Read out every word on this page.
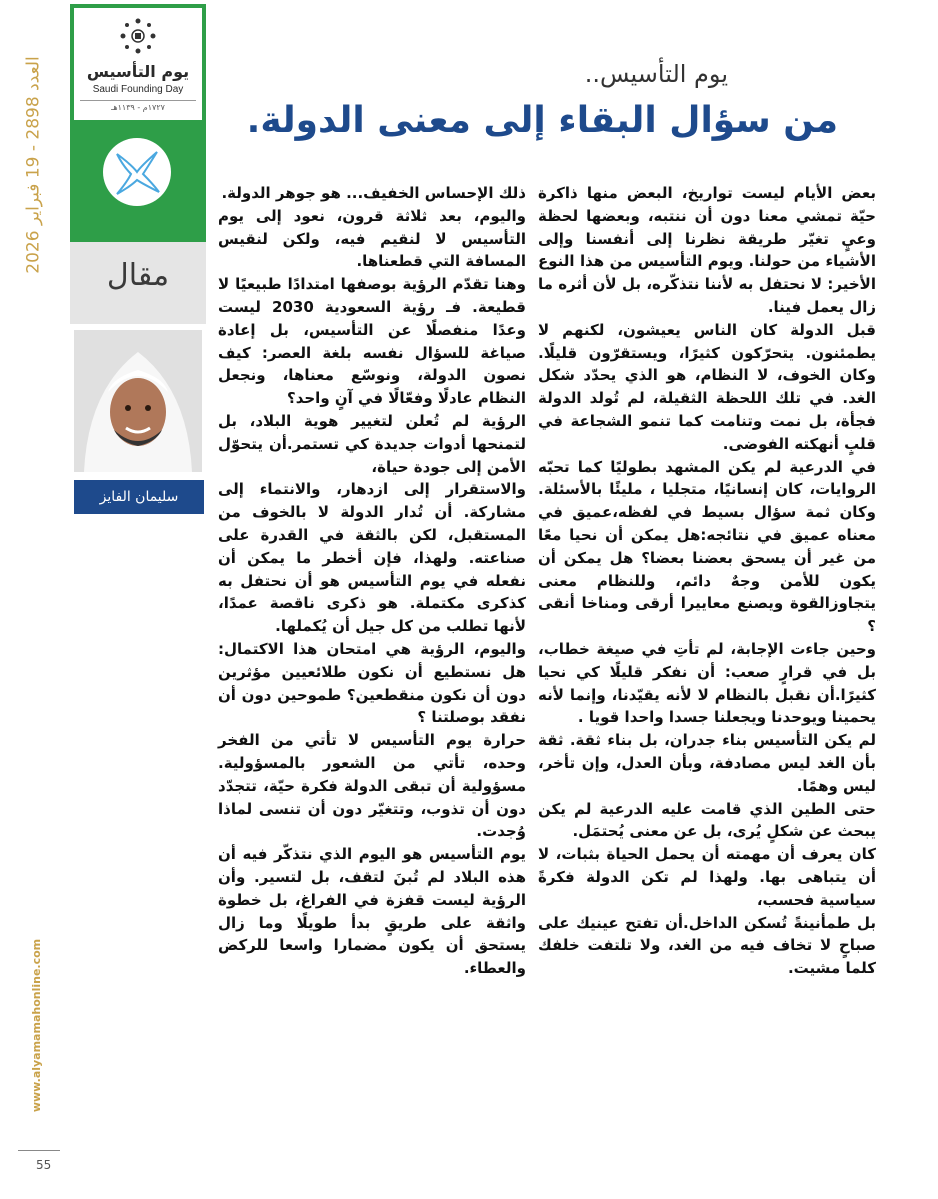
العدد 2898 - 19 فبراير 2026
www.alyamamahonline.com
55
يوم التأسيس
Saudi Founding Day
١٧٢٧م - ١١٣٩هـ
مقال
سليمان الفايز
يوم التأسيس..
من سؤال البقاء إلى معنى الدولة.

بعض الأيام ليست تواريخ، البعض منها ذاكرة حيّة تمشي معنا دون أن ننتبه، وبعضها لحظة وعيٍ تغيّر طريقة نظرنا إلى أنفسنا وإلى الأشياء من حولنا. ويوم التأسيس من هذا النوع الأخير: لا نحتفل به لأننا نتذكّره، بل لأن أثره ما زال يعمل فينا.

قبل الدولة كان الناس يعيشون، لكنهم لا يطمئنون. يتحرّكون كثيرًا، ويستقرّون قليلًا. وكان الخوف، لا النظام، هو الذي يحدّد شكل الغد. في تلك اللحظة الثقيلة، لم تُولد الدولة فجأة، بل نمت وتنامت كما تنمو الشجاعة في قلبٍ أنهكته الفوضى.

في الدرعية لم يكن المشهد بطوليًا كما تحبّه الروايات، كان إنسانيًا، متجليا ، مليئًا بالأسئلة. وكان ثمة سؤال بسيط في لفظه،عميق في معناه عميق في نتائجه:هل يمكن أن نحيا معًا من غير أن يسحق بعضنا بعضا؟ هل يمكن أن يكون للأمن وجهٌ دائم، وللنظام معنى يتجاوزالقوة ويصنع معاييرا أرقى ومناخا أنقى ؟

وحين جاءت الإجابة، لم تأتِ في صيغة خطاب، بل في قرارٍ صعب: أن نفكر قليلًا كي نحيا كثيرًا.أن نقبل بالنظام لا لأنه يقيّدنا، وإنما لأنه يحمينا ويوحدنا ويجعلنا جسدا واحدا قويا .

لم يكن التأسيس بناء جدران، بل بناء ثقة. ثقة بأن الغد ليس مصادفة، وبأن العدل، وإن تأخر، ليس وهمًا.

حتى الطين الذي قامت عليه الدرعية لم يكن يبحث عن شكلٍ يُرى، بل عن معنى يُحتمَل.

كان يعرف أن مهمته أن يحمل الحياة بثبات، لا أن يتباهى بها. ولهذا لم تكن الدولة فكرةً سياسية فحسب،

بل طمأنينةً تُسكن الداخل.أن تفتح عينيك على صباحٍ لا تخاف فيه من الغد، ولا تلتفت خلفك كلما مشيت.

ذلك الإحساس الخفيف... هو جوهر الدولة.

واليوم، بعد ثلاثة قرون، نعود إلى يوم التأسيس لا لنقيم فيه، ولكن لنقيس المسافة التي قطعناها.

وهنا تقدّم الرؤية بوصفها امتدادًا طبيعيًا لا قطيعة. فـ رؤية السعودية 2030 ليست وعدًا منفصلًا عن التأسيس، بل إعادة صياغة للسؤال نفسه بلغة العصر: كيف نصون الدولة، ونوسّع معناها، ونجعل النظام عادلًا وفعّالًا في آنٍ واحد؟

الرؤية لم تُعلن لتغيير هوية البلاد، بل لتمنحها أدوات جديدة كي تستمر.أن يتحوّل الأمن إلى جودة حياة،

والاستقرار إلى ازدهار، والانتماء إلى مشاركة. أن تُدار الدولة لا بالخوف من المستقبل، لكن بالثقة في القدرة على صناعته. ولهذا، فإن أخطر ما يمكن أن نفعله في يوم التأسيس هو أن نحتفل به كذكرى مكتملة. هو ذكرى ناقصة عمدًا، لأنها تطلب من كل جيل أن يُكملها.

واليوم، الرؤية هي امتحان هذا الاكتمال: هل نستطيع أن نكون طلائعيين مؤثرين دون أن نكون منقطعين؟ طموحين دون أن نفقد بوصلتنا ؟

حرارة يوم التأسيس لا تأتي من الفخر وحده، تأتي من الشعور بالمسؤولية. مسؤولية أن تبقى الدولة فكرة حيّة، تتجدّد دون أن تذوب، وتتغيّر دون أن تنسى لماذا وُجدت.

يوم التأسيس هو اليوم الذي نتذكّر فيه أن هذه البلاد لم تُبنَ لتقف، بل لتسير. وأن الرؤية ليست قفزة في الفراغ، بل خطوة واثقة على طريقٍ بدأ طويلًا وما زال يستحق أن يكون مضمارا واسعا للركض والعطاء.
